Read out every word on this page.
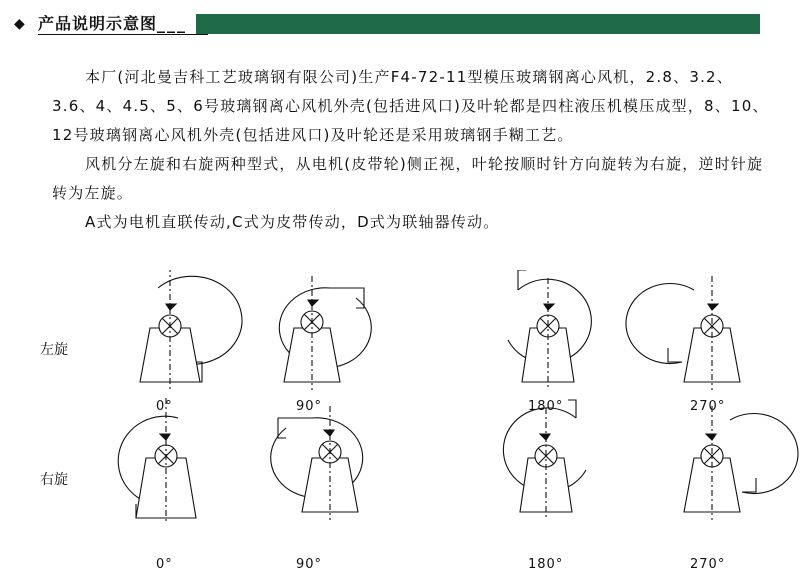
◆ 产品说明示意图___

本厂(河北曼吉科工艺玻璃钢有限公司)生产F4-72-11型模压玻璃钢离心风机，2.8、3.2、3.6、4、4.5、5、6号玻璃钢离心风机外壳(包括进风口)及叶轮都是四柱液压机模压成型，8、10、12号玻璃钢离心风机外壳(包括进风口)及叶轮还是采用玻璃钢手糊工艺。

风机分左旋和右旋两种型式，从电机(皮带轮)侧正视，叶轮按顺时针方向旋转为右旋，逆时针旋转为左旋。

A式为电机直联传动,C式为皮带传动，D式为联轴器传动。

左旋
右旋
0°	90°	180°	270°
0°	90°	180°	270°
